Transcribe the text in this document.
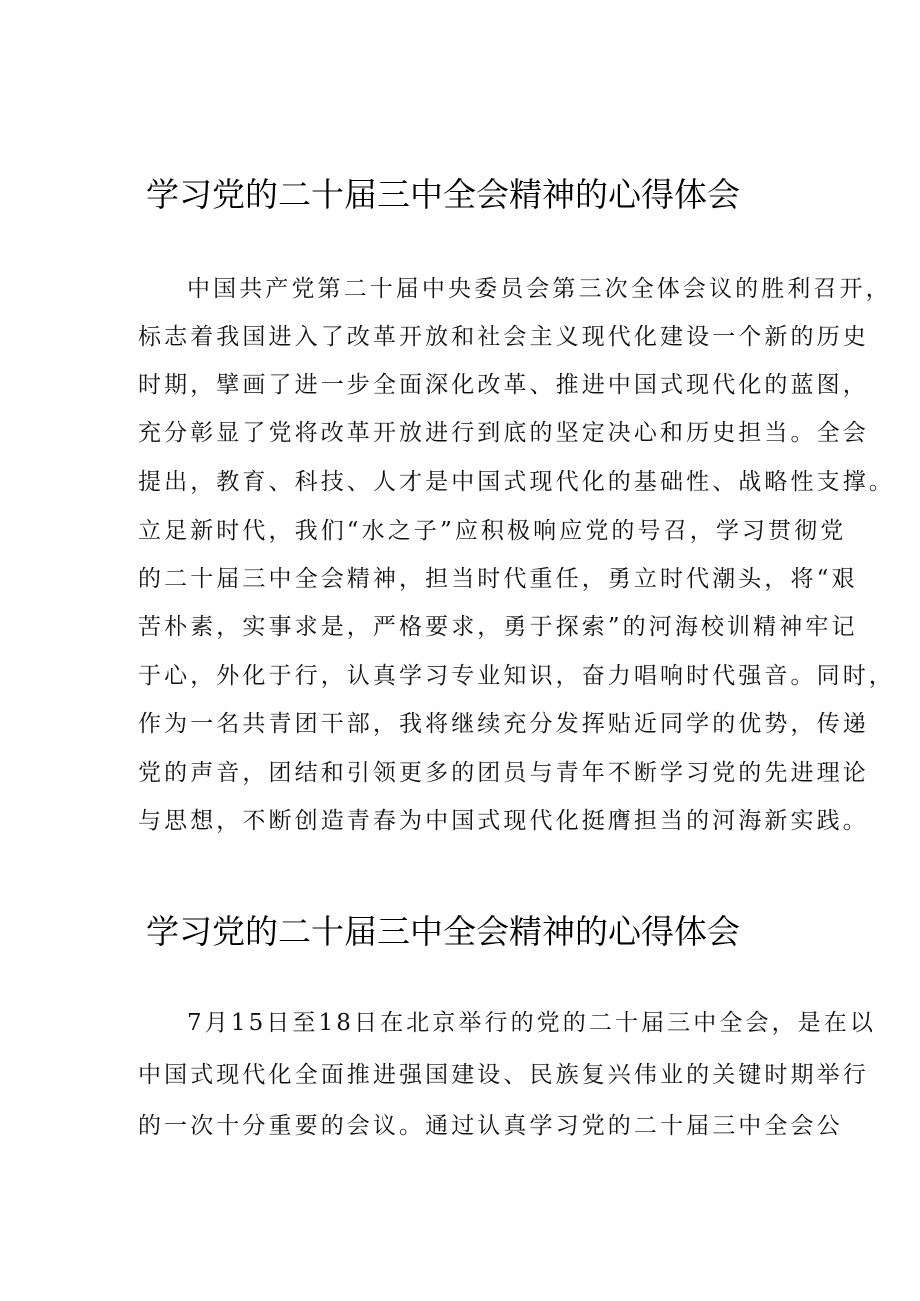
学习党的二十届三中全会精神的心得体会
中国共产党第二十届中央委员会第三次全体会议的胜利召开，
标志着我国进入了改革开放和社会主义现代化建设一个新的历史
时期，擘画了进一步全面深化改革、推进中国式现代化的蓝图，
充分彰显了党将改革开放进行到底的坚定决心和历史担当。全会
提出，教育、科技、人才是中国式现代化的基础性、战略性支撑。
立足新时代，我们“水之子”应积极响应党的号召，学习贯彻党
的二十届三中全会精神，担当时代重任，勇立时代潮头，将“艰
苦朴素，实事求是，严格要求，勇于探索”的河海校训精神牢记
于心，外化于行，认真学习专业知识，奋力唱响时代强音。同时，
作为一名共青团干部，我将继续充分发挥贴近同学的优势，传递
党的声音，团结和引领更多的团员与青年不断学习党的先进理论
与思想，不断创造青春为中国式现代化挺膺担当的河海新实践。
学习党的二十届三中全会精神的心得体会
7月15日至18日在北京举行的党的二十届三中全会，是在以
中国式现代化全面推进强国建设、民族复兴伟业的关键时期举行
的一次十分重要的会议。通过认真学习党的二十届三中全会公
